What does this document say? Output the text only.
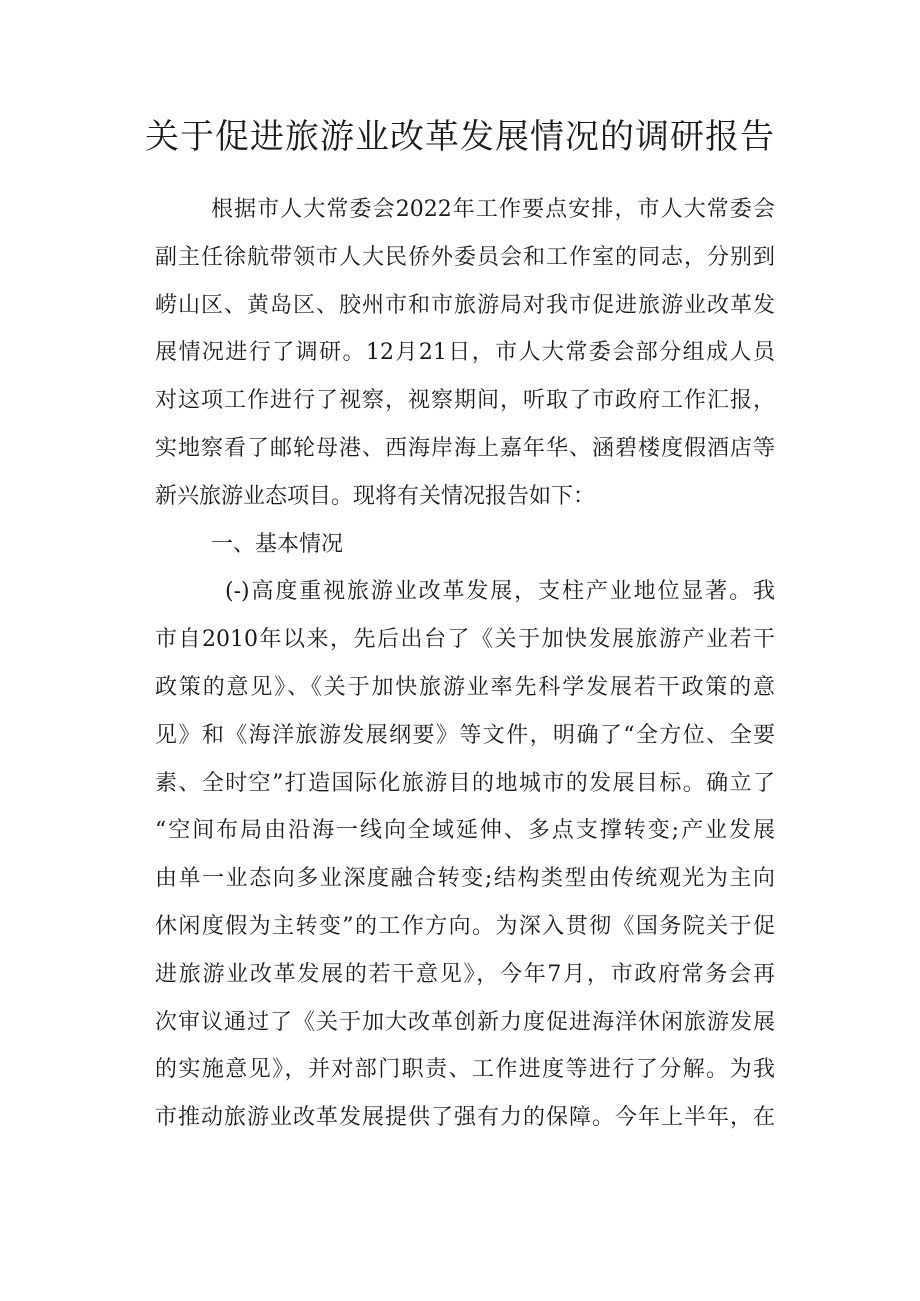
关于促进旅游业改革发展情况的调研报告

根据市人大常委会2022年工作要点安排，市人大常委会

副主任徐航带领市人大民侨外委员会和工作室的同志，分别到

崂山区、黄岛区、胶州市和市旅游局对我市促进旅游业改革发

展情况进行了调研。12月21日，市人大常委会部分组成人员

对这项工作进行了视察，视察期间，听取了市政府工作汇报，

实地察看了邮轮母港、西海岸海上嘉年华、涵碧楼度假酒店等

新兴旅游业态项目。现将有关情况报告如下：

一、基本情况

(-)高度重视旅游业改革发展，支柱产业地位显著。我

市自2010年以来，先后出台了《关于加快发展旅游产业若干

政策的意见》、《关于加快旅游业率先科学发展若干政策的意

见》和《海洋旅游发展纲要》等文件，明确了“全方位、全要

素、全时空”打造国际化旅游目的地城市的发展目标。确立了

“空间布局由沿海一线向全域延伸、多点支撑转变;产业发展

由单一业态向多业深度融合转变;结构类型由传统观光为主向

休闲度假为主转变”的工作方向。为深入贯彻《国务院关于促

进旅游业改革发展的若干意见》，今年7月，市政府常务会再

次审议通过了《关于加大改革创新力度促进海洋休闲旅游发展

的实施意见》，并对部门职责、工作进度等进行了分解。为我

市推动旅游业改革发展提供了强有力的保障。今年上半年，在
